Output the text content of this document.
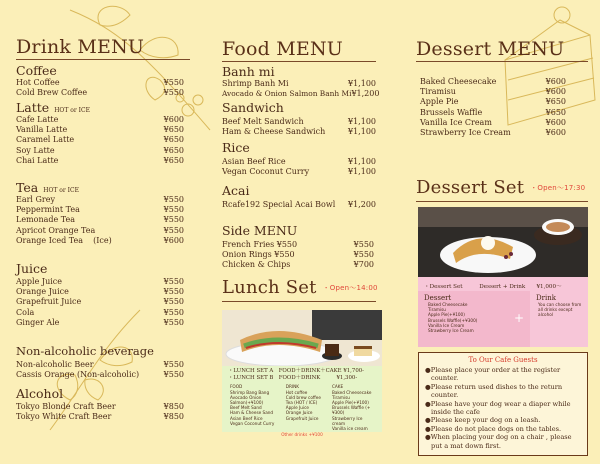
Drink MENU
Coffee
Hot Coffee	¥550
Cold Brew Coffee	¥550
Latte HOT or ICE
Cafe Latte	¥600
Vanilla Latte	¥650
Caramel Latte	¥650
Soy Latte	¥650
Chai Latte	¥650
Tea HOT or ICE
Earl Grey	¥550
Peppermint Tea	¥550
Lemonade Tea	¥550
Apricot Orange Tea	¥550
Orange Iced Tea (Ice)	¥600
Juice
Apple Juice	¥550
Orange Juice	¥550
Grapefruit Juice	¥550
Cola	¥550
Ginger Ale	¥550
Non-alcoholic beverage
Non-alcoholic Beer	¥550
Cassis Orange (Non-alcoholic)	¥550
Alcohol
Tokyo Blonde Craft Beer	¥850
Tokyo White Craft Beer	¥850
Food MENU
Banh mi
Shrimp Banh Mi	¥1,100
Avocado & Onion Salmon Banh Mi ¥1,200
Sandwich
Beef Melt Sandwich	¥1,100
Ham & Cheese Sandwich	¥1,100
Rice
Asian Beef Rice	¥1,100
Vegan Coconut Curry	¥1,100
Acai
Rcafe192 Special Acai Bowl ¥1,200
Side MENU
French Fries ¥550	¥550
Onion Rings ¥550	¥550
Chicken & Chips	¥700
Lunch Set ・Open～14:00
・LUNCH SET A　FOOD＋DRINK＋CAKE ¥1,700-
・LUNCH SET B　FOOD＋DRINK　　　¥1,300-
FOOD
Shrimp Bang Bang
Avocado Onion Salmon(+¥100)
Beef Melt Sand
Ham & Cheese Sand
Asian Beef Rice
Vegan Coconut Curry
DRINK
Hot coffee
Cold brew coffee
Tea (HOT / ICE)
Apple Juice
Orange Juice
Grapefruit Juice
CAKE
Baked Cheesecake
Tiramisu
Apple Pie(+¥100)
Brussels Waffle (+¥300)
Strawberry Ice cream
Vanilla ice cream
Other drinks +¥100
Dessert MENU
Baked Cheesecake	¥600
Tiramisu	¥600
Apple Pie	¥650
Brussels Waffle	¥650
Vanilla Ice Cream	¥600
Strawberry Ice Cream	¥600
Dessert Set ・Open～17:30
・Dessert Set　　　Dessert + Drink　　¥1,000～
Dessert
Baked Cheesecake
Tiramisu
Apple Pie(+¥100)
Brussels Waffle(+¥300)
Vanilla Ice Cream
Strawberry Ice Cream
+
Drink
You can choose from
all drinks except
alcohol
To Our Cafe Guests
●Please place your order at the register counter.
●Please return used dishes to the return counter.
●Please have your dog wear a diaper while inside the cafe
●Please keep your dog on a leash.
●Please do not place dogs on the tables.
●When placing your dog on a chair , please put a mat down first.
